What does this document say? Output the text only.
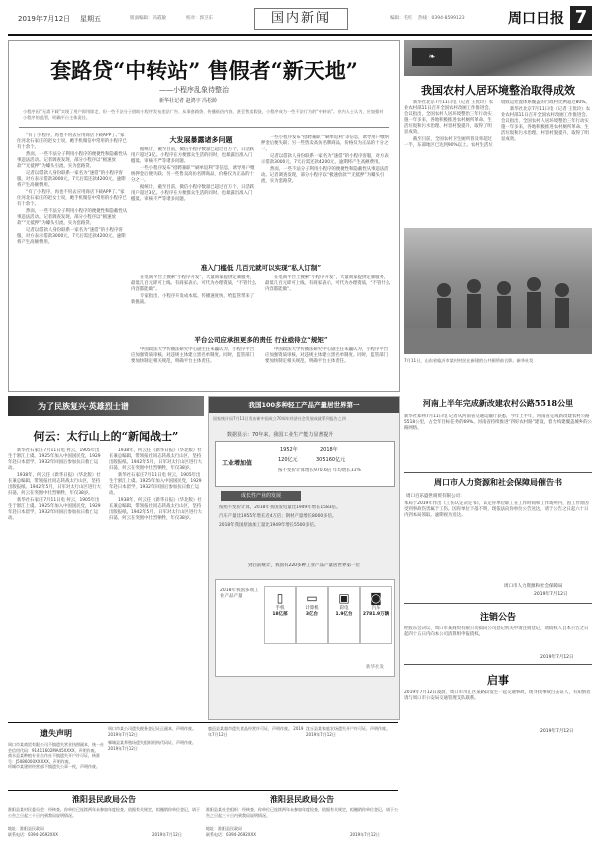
2019年7月12日 星期五	版面编辑：冯霞敏	校对：郭卫东	国内新闻	编辑：毛红 热线：0394-8599123	周口日报 7
套路贷“中转站” 售假者“新天地”
——小程序乱象待整治
新华社记者 赵鸿宇 冯松龄
小程序因“无需下载”实现了用户即用即走，但一些不法分子借助小程序发布违法广告、从事套路贷、传播低俗内容，甚至售卖假货，小程序成为一些不法行为的“中转站”。业内人士认为，应加强对小程序的监管，明确平台主体责任。

“有了小程序，再也不用去应用商店下载APP了。”家住河北石家庄的赵女士说，她手机微信中常用的小程序已有十余个。

然而，一些不法分子利用小程序的便捷性和隐蔽性从事违法活动。记者调查发现，部分小程序以“极速放款”“无抵押”为噱头引流，实为套路贷。

记者以借款人身份联系一家名为“速借”的小程序客服，对方表示借款3000元，7天后需还款4200元，逾期将产生高额费用。

“有了小程序，再也不用去应用商店下载APP了。”家住河北石家庄的赵女士说，她手机微信中常用的小程序已有十余个。

然而，一些不法分子利用小程序的便捷性和隐蔽性从事违法活动。记者调查发现，部分小程序以“极速放款”“无抵押”为噱头引流，实为套路贷。

记者以借款人身份联系一家名为“速借”的小程序客服，对方表示借款3000元，7天后需还款4200元，逾期将产生高额费用。

大发展暴露诸多问题

据统计，截至目前，微信小程序数量已超过百万个，日活跃用户超过3亿。小程序在方便群众生活的同时，也暴露出准入门槛低、审核不严等诸多问题。

一些小程序发布“招聘兼职”“刷单返利”等信息，诱导用户缴纳押金后便失联；另一些售卖高仿名牌商品，价格仅为正品的十分之一。

据统计，截至目前，微信小程序数量已超过百万个，日活跃用户超过3亿。小程序在方便群众生活的同时，也暴露出准入门槛低、审核不严等诸多问题。

一些小程序发布“招聘兼职”“刷单返利”等信息，诱导用户缴纳押金后便失联；另一些售卖高仿名牌商品，价格仅为正品的十分之一。

记者以借款人身份联系一家名为“速借”的小程序客服，对方表示借款3000元，7天后需还款4200元，逾期将产生高额费用。

然而，一些不法分子利用小程序的便捷性和隐蔽性从事违法活动。记者调查发现，部分小程序以“极速放款”“无抵押”为噱头引流，实为套路贷。

准入门槛低 几百元就可以实现“私人订制”

在电商平台上搜索“小程序开发”，大量商家提供定制服务，最低几百元即可上线。有商家表示，可代为办理资质，“不管什么内容都能做”。

专家指出，小程序开发成本低、传播速度快，给监管带来了新挑战。

在电商平台上搜索“小程序开发”，大量商家提供定制服务，最低几百元即可上线。有商家表示，可代为办理资质，“不管什么内容都能做”。

平台公司应承担更多的责任 行业亟待立“规矩”

中国政法大学传播法研究中心副主任朱巍认为，小程序平台应加强资质审核，对违规主体建立黑名单制度。同时，监管部门要加快制定相关规范，明确平台主体责任。

中国政法大学传播法研究中心副主任朱巍认为，小程序平台应加强资质审核，对违规主体建立黑名单制度。同时，监管部门要加快制定相关规范，明确平台主体责任。

❧
我国农村人居环境整治取得成效

新华社北京7月11日电（记者 王优玲）农业农村部11日召开全国农村改厕工作推进会。会议指出，全国农村人居环境整治三年行动实施一年多来，各地积极推进农村厕所革命、生活垃圾和污水治理、村容村貌提升，取得了明显成效。

截至目前，全国农村卫生厕所普及率超过一半，东部地区已达到90%以上。农村生活垃圾收运处置体系覆盖的行政村比例超过80%。

新华社北京7月11日电（记者 王优玲）农业农村部11日召开全国农村改厕工作推进会。会议指出，全国农村人居环境整治三年行动实施一年多来，各地积极推进农村厕所革命、生活垃圾和污水治理、村容村貌提升，取得了明显成效。

7月11日，山东省临沂市某村村民在新建的公共厕所前合影。新华社发
为了民族复兴·英雄烈士谱
何云：太行山上的“新闻战士”

新华社石家庄7月11日电 何云，1905年出生于浙江上虞。1925年加入中国国民党，1929年赴日本留学，1932年回国后参加抗日救亡运动。

1938年，何云任《新华日报》（华北版）社长兼总编辑，带领报社同志转战太行山区，坚持出版报纸。1942年5月，日军对太行山区进行大扫荡，何云在突围中壮烈牺牲，年仅38岁。

新华社石家庄7月11日电 何云，1905年出生于浙江上虞。1925年加入中国国民党，1929年赴日本留学，1932年回国后参加抗日救亡运动。

1938年，何云任《新华日报》（华北版）社长兼总编辑，带领报社同志转战太行山区，坚持出版报纸。1942年5月，日军对太行山区进行大扫荡，何云在突围中壮烈牺牲，年仅38岁。

新华社石家庄7月11日电 何云，1905年出生于浙江上虞。1925年加入中国国民党，1929年赴日本留学，1932年回国后参加抗日救亡运动。

1938年，何云任《新华日报》（华北版）社长兼总编辑，带领报社同志转战太行山区，坚持出版报纸。1942年5月，日军对太行山区进行大扫荡，何云在突围中壮烈牺牲，年仅38岁。

我国100多种轻工产品产量居世界第一
国家统计局7月11日发布新中国成立70周年经济社会发展成就系列报告之四
数据显示：70年来，我国工业生产能力显著提升
工业增加值
1952年	2018年
120亿元	305160亿元
按不变价计算增长970.6倍 年均增长11%
成长性产业的发展
按照不变价计算，2018年我国发电量比1949年增长1583倍。
汽车产量比1955年增长近4万倍；钢材产量增长8000多倍。
2018年我国原油加工量比1949年增长5500多倍。
到目前统计，我国有220多种工业产品产量居世界第一位
2018年我国多项工业产品产量	▯
手机
18亿部
▭
计算机
3亿台
▣
彩电
1.9亿台
◙
汽车
2781.9万辆
新华社发
河南上半年完成新改建农村公路5518公里
新华社郑州7月11日电 记者从河南省交通运输厅获悉，今年上半年，河南省完成新改建农村公路5518公里，占全年目标任务的69%。河南省持续推进“四好农村路”建设，着力构建覆盖城乡的公路网络。
周口市人力资源和社会保障局催告书
周口百乐盛世商贸有限公司：
本局于2019年作出《工伤认定决定书》，认定你单位职工在工作时间和工作场所内，因工作原因受到事故伤害属于工伤。因你单位下落不明，现依法向你单位公告送达，请于公告之日起六十日内到本局领取。逾期视为送达。
周口市人力资源和社会保障局
2019年7月12日
注销公告
经股东会决议，周口市某商贸有限公司拟向公司登记机关申请注销登记，请债权人自本公告之日起四十五日内向本公司清算组申报债权。
2019年7月12日
启事
2019年7月12日凌晨，周口市川汇区某路段发生一起交通事故，现寻找事故目击证人，有知情者请与周口市公安局交通管理支队联系。
2019年7月12日
遗失声明
周口市某商贸有限公司不慎遗失营业执照副本，统一社会信用代码：91411602MA45XXXX，声明作废。
商水县某种植专业合作社不慎遗失开户许可证，核准号：J5086000XXXXX，声明作废。
项城市某建材经营部不慎遗失公章一枚，声明作废。
周口市某公司遗失税务登记证正副本，声明作废。 2019年7月12日
郸城县某养殖场遗失组织机构代码证，声明作废。 2019年7月12日
鹿邑县某超市遗失食品经营许可证，声明作废。 2019年7月12日
沈丘县某家庭农场遗失开户许可证，声明作废。 2019年7月12日
淮阳县民政局公告
淮阳县某村民委员会：经核查，你单位已连续两年未参加年度检查，依据有关规定，拟撤销你单位登记，请于公告之日起三十日内到我局说明情况。
地址：淮阳县民政局
联系电话：0394-2692XXX	2019年7月12日
淮阳县民政局公告
淮阳县某社会组织：经核查，你单位已连续两年未参加年度检查，依据有关规定，拟撤销你单位登记，请于公告之日起三十日内到我局说明情况。
地址：淮阳县民政局
联系电话：0394-2692XXX	2019年7月12日
